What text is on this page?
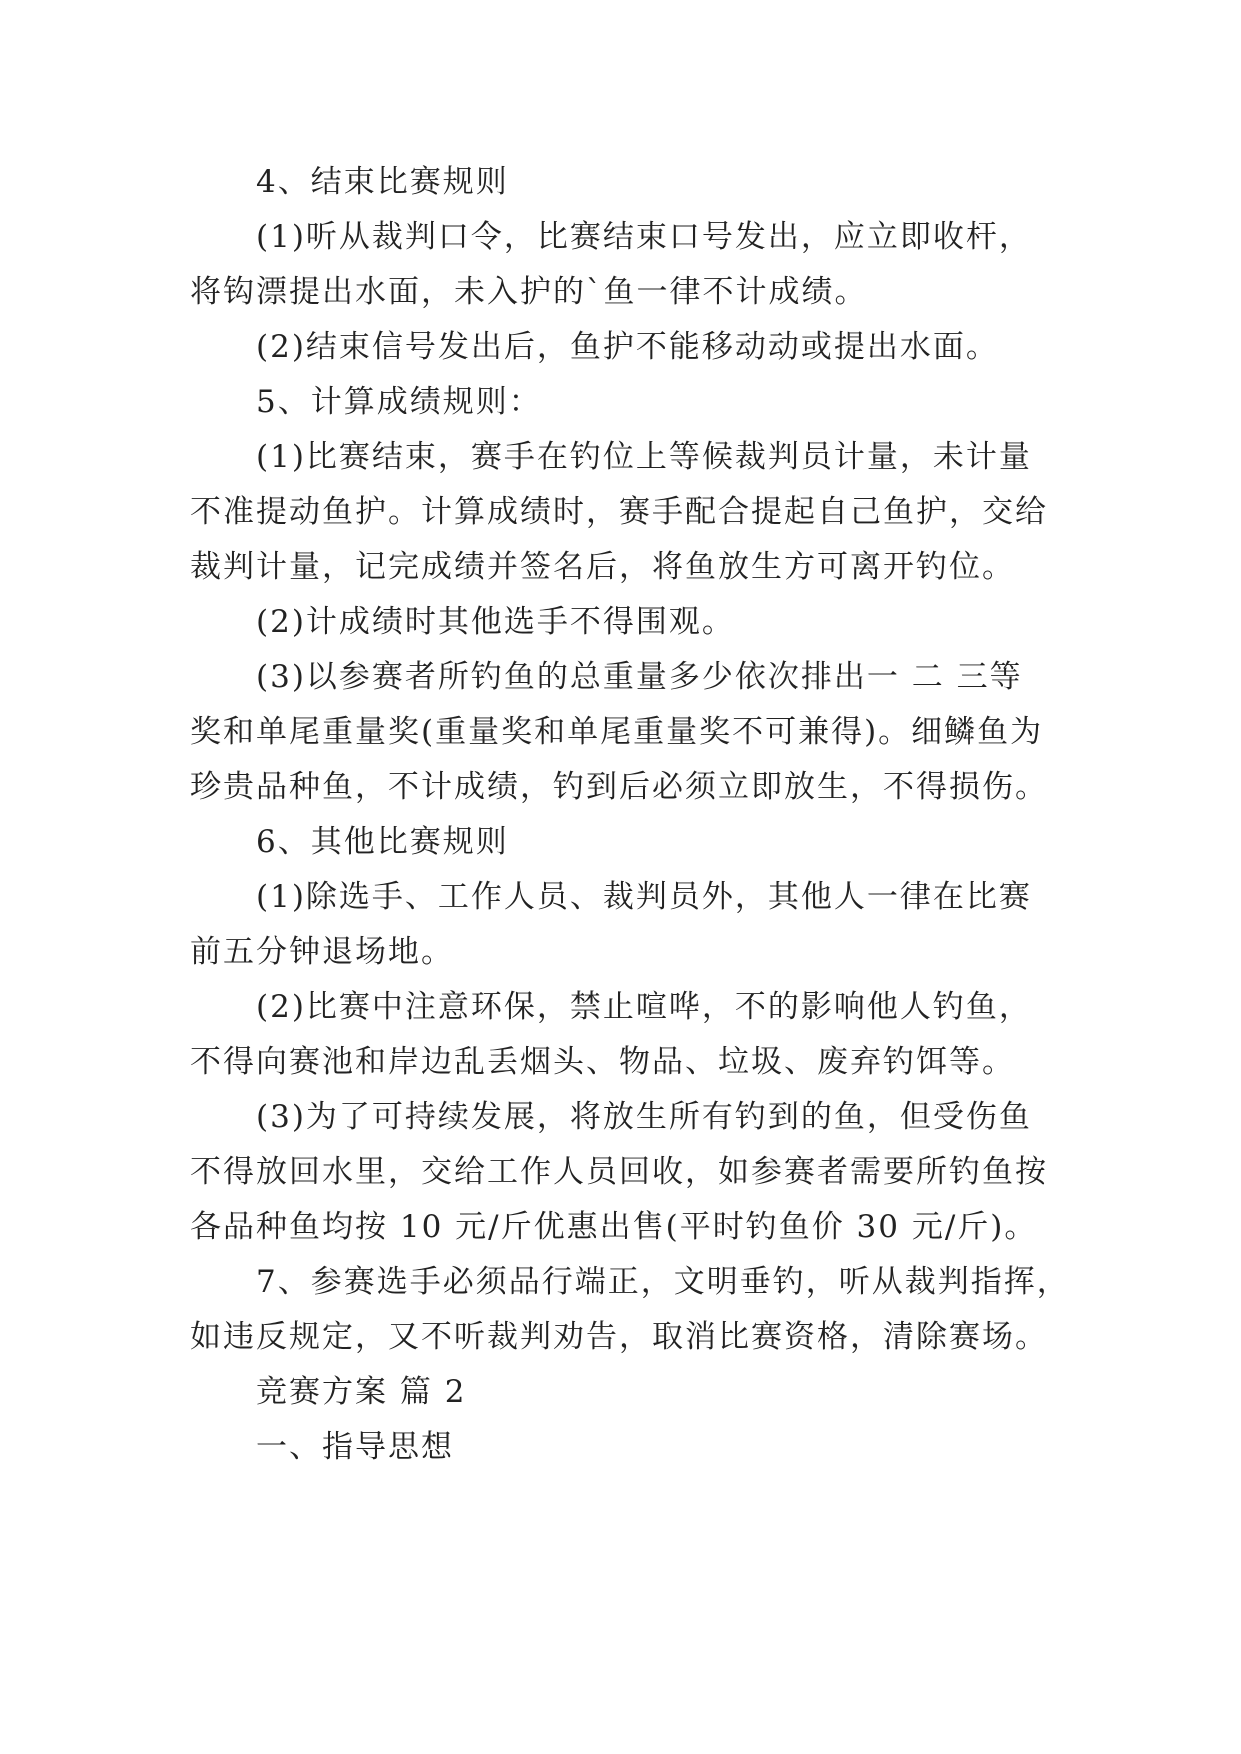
4、结束比赛规则
(1)听从裁判口令，比赛结束口号发出，应立即收杆，
将钩漂提出水面，未入护的`鱼一律不计成绩。
(2)结束信号发出后，鱼护不能移动动或提出水面。
5、计算成绩规则：
(1)比赛结束，赛手在钓位上等候裁判员计量，未计量
不准提动鱼护。计算成绩时，赛手配合提起自己鱼护，交给
裁判计量，记完成绩并签名后，将鱼放生方可离开钓位。
(2)计成绩时其他选手不得围观。
(3)以参赛者所钓鱼的总重量多少依次排出一 二 三等
奖和单尾重量奖(重量奖和单尾重量奖不可兼得)。细鳞鱼为
珍贵品种鱼，不计成绩，钓到后必须立即放生，不得损伤。
6、其他比赛规则
(1)除选手、工作人员、裁判员外，其他人一律在比赛
前五分钟退场地。
(2)比赛中注意环保，禁止喧哗，不的影响他人钓鱼，
不得向赛池和岸边乱丢烟头、物品、垃圾、废弃钓饵等。
(3)为了可持续发展，将放生所有钓到的鱼，但受伤鱼
不得放回水里，交给工作人员回收，如参赛者需要所钓鱼按
各品种鱼均按 10 元/斤优惠出售(平时钓鱼价 30 元/斤)。
7、参赛选手必须品行端正，文明垂钓，听从裁判指挥，
如违反规定，又不听裁判劝告，取消比赛资格，清除赛场。
竞赛方案 篇 2
一、指导思想
